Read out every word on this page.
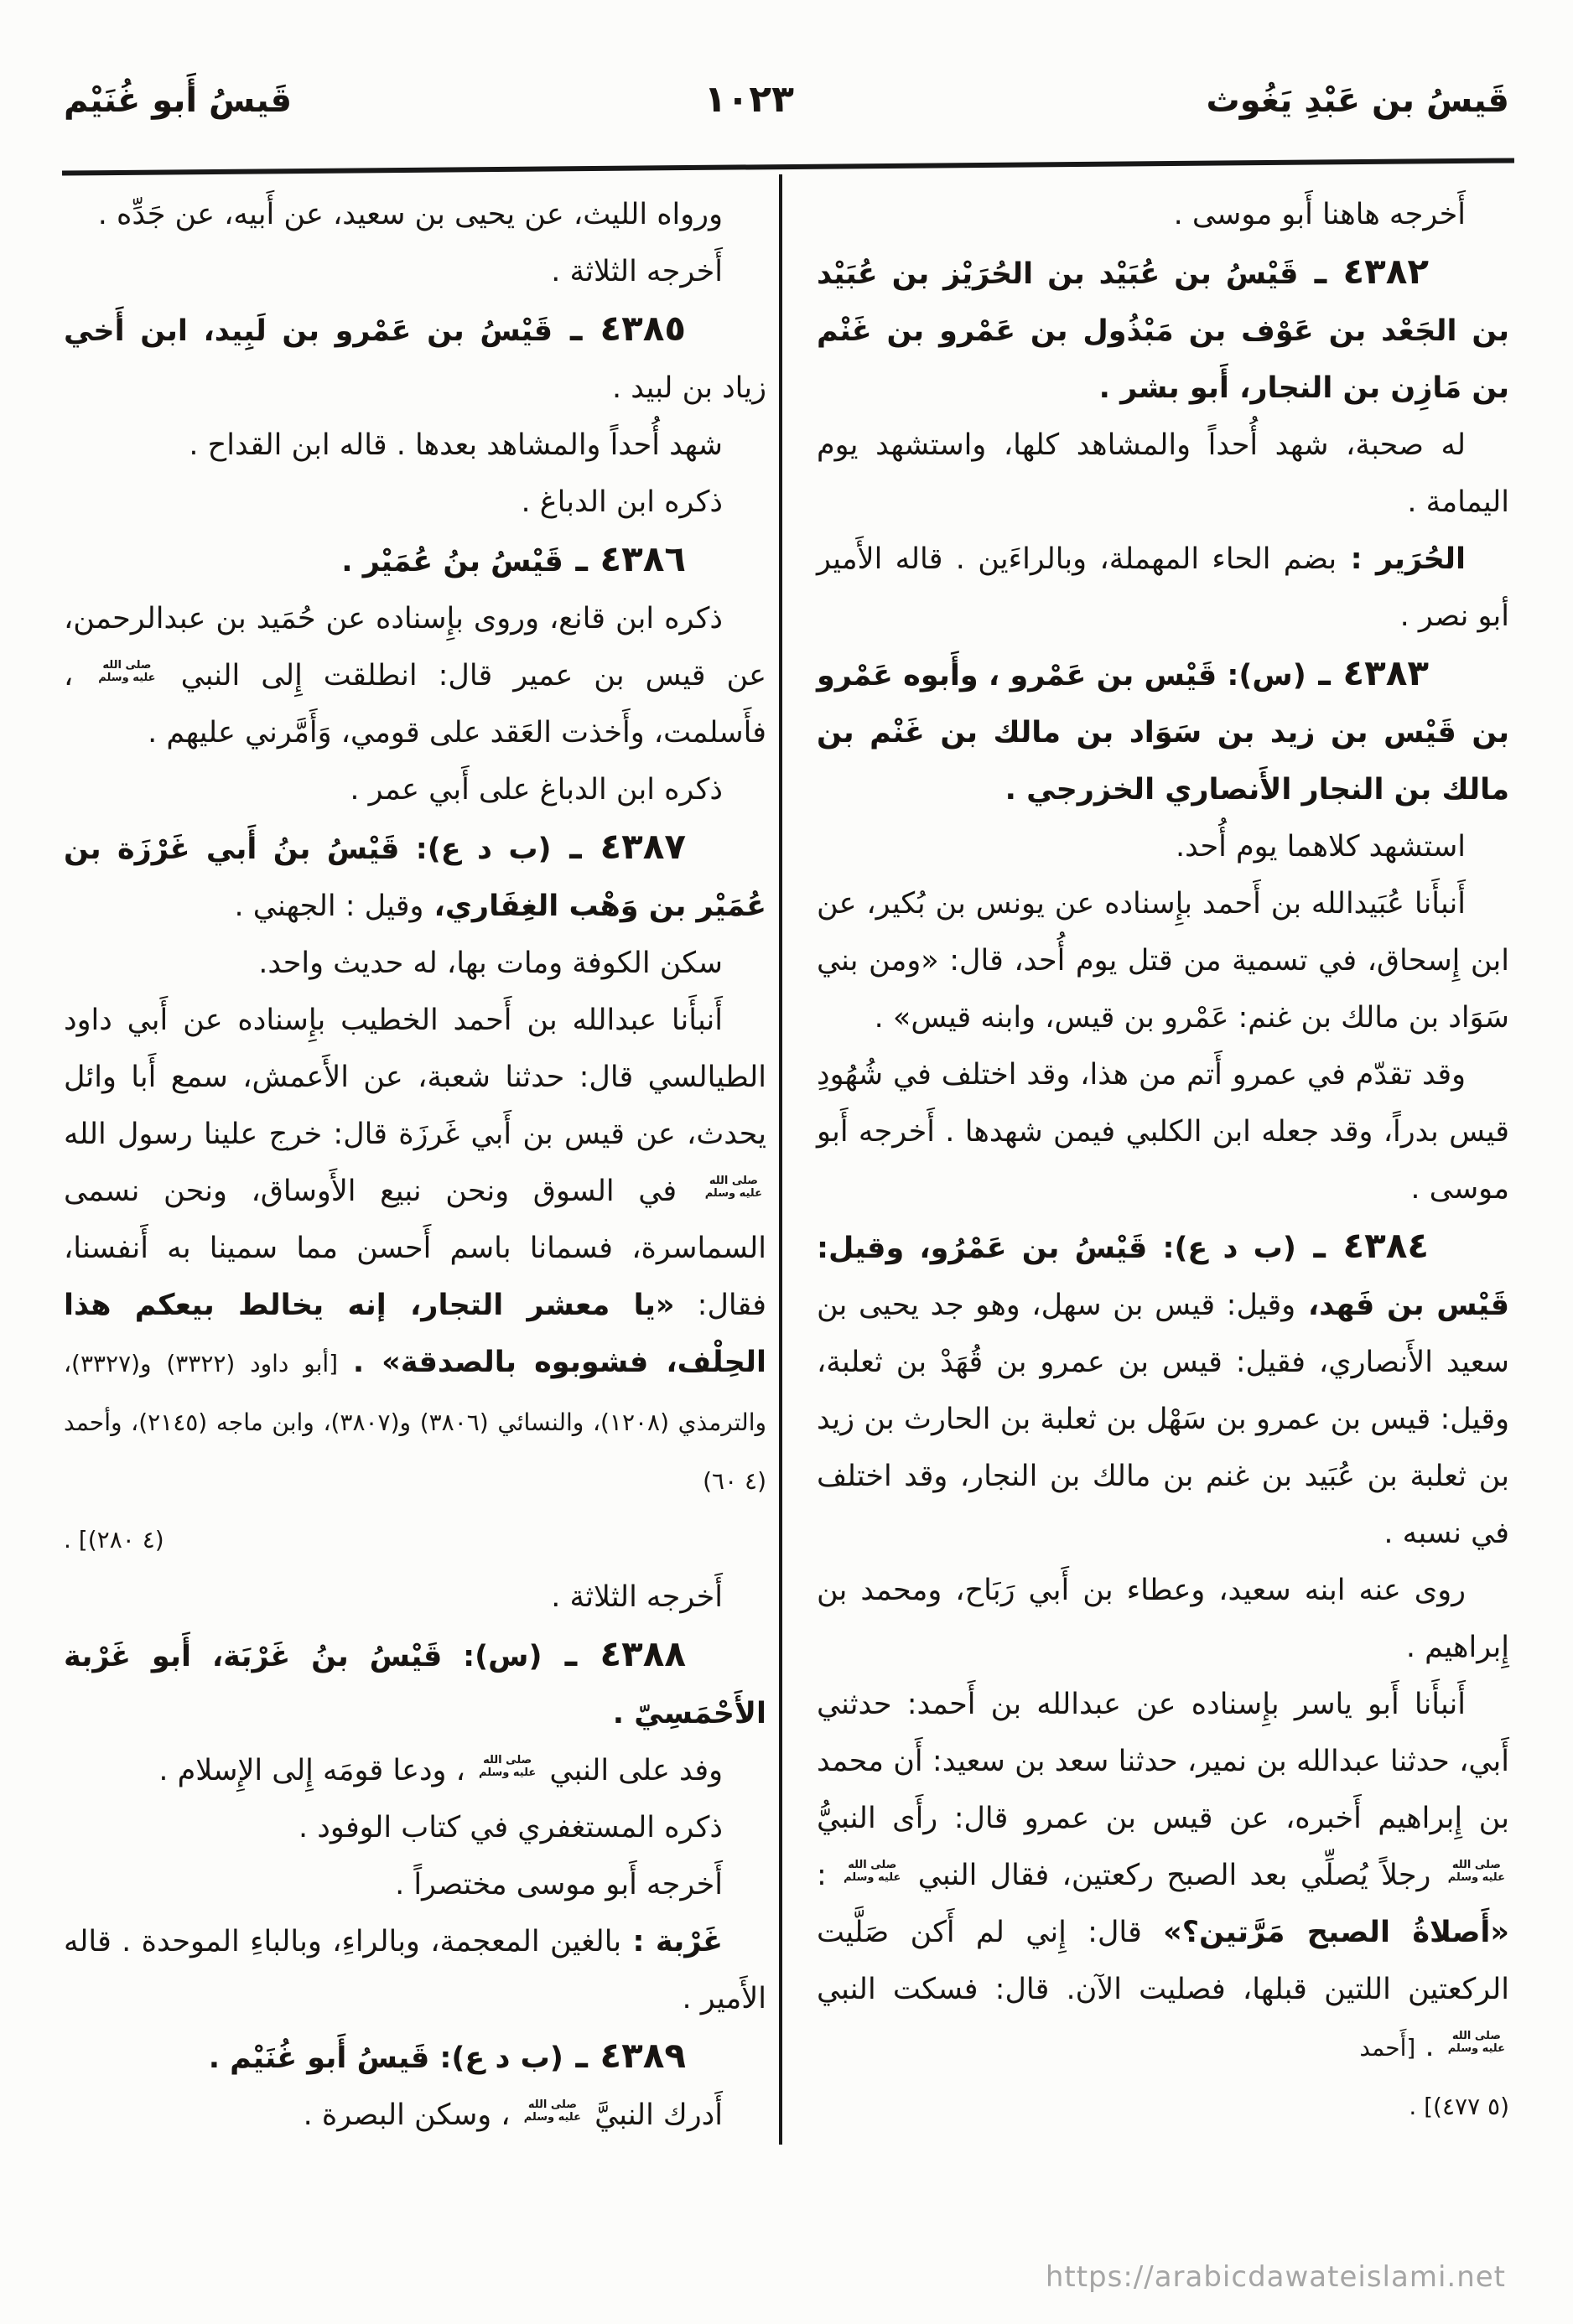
قَيسُ بن عَبْدِ يَغُوث
١٠٢٣
قَيسُ أَبو غُنَيْم

أَخرجه هاهنا أَبو موسى .

٤٣٨٢ ـ قَيْسُ بن عُبَيْد بن الحُرَيْز بن عُبَيْد بن الجَعْد بن عَوْف بن مَبْذُول بن عَمْرو بن غَنْم بن مَازِن بن النجار، أَبو بشر .

له صحبة، شهد أُحداً والمشاهد كلها، واستشهد يوم اليمامة .

الحُرَير : بضم الحاء المهملة، وبالراءَين . قاله الأَمير أبو نصر .

٤٣٨٣ ـ (س): قَيْس بن عَمْرو ، وأَبوه عَمْرو بن قَيْس بن زيد بن سَوَاد بن مالك بن غَنْم بن مالك بن النجار الأَنصاري الخزرجي .

استشهد كلاهما يوم أُحد.

أَنبأَنا عُبَيدالله بن أَحمد بإِسناده عن يونس بن بُكير، عن ابن إِسحاق، في تسمية من قتل يوم أُحد، قال: «ومن بني سَوَاد بن مالك بن غنم: عَمْرو بن قيس، وابنه قيس» .

وقد تقدّم في عمرو أَتم من هذا، وقد اختلف في شُهُودِ قيس بدراً، وقد جعله ابن الكلبي فيمن شهدها . أَخرجه أَبو موسى .

٤٣٨٤ ـ (ب د ع): قَيْسُ بن عَمْرُو، وقيل: قَيْس بن فَهد، وقيل: قيس بن سهل، وهو جد يحيى بن سعيد الأَنصاري، فقيل: قيس بن عمرو بن قُهَدْ بن ثعلبة، وقيل: قيس بن عمرو بن سَهْل بن ثعلبة بن الحارث بن زيد بن ثعلبة بن عُبَيد بن غنم بن مالك بن النجار، وقد اختلف في نسبه .

روى عنه ابنه سعيد، وعطاء بن أَبي رَبَاح، ومحمد بن إِبراهيم .

أَنبأَنا أَبو ياسر بإِسناده عن عبدالله بن أَحمد: حدثني أَبي، حدثنا عبدالله بن نمير، حدثنا سعد بن سعيد: أَن محمد بن إِبراهيم أَخبره، عن قيس بن عمرو قال: رأَى النبيُّ
صلى الله
عليه وسلم
رجلاً يُصلِّي بعد الصبح ركعتين، فقال النبي
صلى الله
عليه وسلم
: «أَصلاةُ الصبح مَرَّتين؟» قال: إِني لم أَكن صَلَّيت الركعتين اللتين قبلها، فصليت الآن. قال: فسكت النبي
صلى الله
عليه وسلم
. [أَحمد

(٥ ٤٧٧)] .

ورواه الليث، عن يحيى بن سعيد، عن أَبيه، عن جَدِّه .

أَخرجه الثلاثة .

٤٣٨٥ ـ قَيْسُ بن عَمْرو بن لَبِيد، ابن أَخي زياد بن لبيد .

شهد أُحداً والمشاهد بعدها . قاله ابن القداح .

ذكره ابن الدباغ .

٤٣٨٦ ـ قَيْسُ بنُ عُمَيْر .

ذكره ابن قانع، وروى بإِسناده عن حُمَيد بن عبدالرحمن، عن قيس بن عمير قال: انطلقت إِلى النبي
صلى الله
عليه وسلم
، فأَسلمت، وأَخذت العَقد على قومي، وَأَمَّرني عليهم .

ذكره ابن الدباغ على أَبي عمر .

٤٣٨٧ ـ (ب د ع): قَيْسُ بنُ أَبي غَرْزَة بن عُمَيْر بن وَهْب الغِفَاري، وقيل : الجهني .

سكن الكوفة ومات بها، له حديث واحد.

أَنبأَنا عبدالله بن أَحمد الخطيب بإِسناده عن أَبي داود الطيالسي قال: حدثنا شعبة، عن الأَعمش، سمع أَبا وائل يحدث، عن قيس بن أَبي غَرزَة قال: خرج علينا رسول الله
صلى الله
عليه وسلم
في السوق ونحن نبيع الأَوساق، ونحن نسمى السماسرة، فسمانا باسم أَحسن مما سمينا به أَنفسنا، فقال: «يا معشر التجار، إنه يخالط بيعكم هذا الحِلْف، فشوبوه بالصدقة» . [أبو داود (٣٣٢٢) و(٣٣٢٧)، والترمذي (١٢٠٨)، والنسائي (٣٨٠٦) و(٣٨٠٧)، وابن ماجه (٢١٤٥)، وأحمد (٤ ٦٠)

(٤ ٢٨٠)] .

أَخرجه الثلاثة .

٤٣٨٨ ـ (س): قَيْسُ بنُ غَرْبَة، أَبو غَرْبة الأَحْمَسِيّ .

وفد على النبي
صلى الله
عليه وسلم
، ودعا قومَه إِلى الإِسلام .

ذكره المستغفري في كتاب الوفود .

أَخرجه أَبو موسى مختصراً .

غَرْبة : بالغين المعجمة، وبالراءِ، وبالباءِ الموحدة . قاله الأَمير .

٤٣٨٩ ـ (ب د ع): قَيسُ أَبو غُنَيْم .

أَدرك النبيَّ
صلى الله
عليه وسلم
، وسكن البصرة .

https://arabicdawateislami.net
